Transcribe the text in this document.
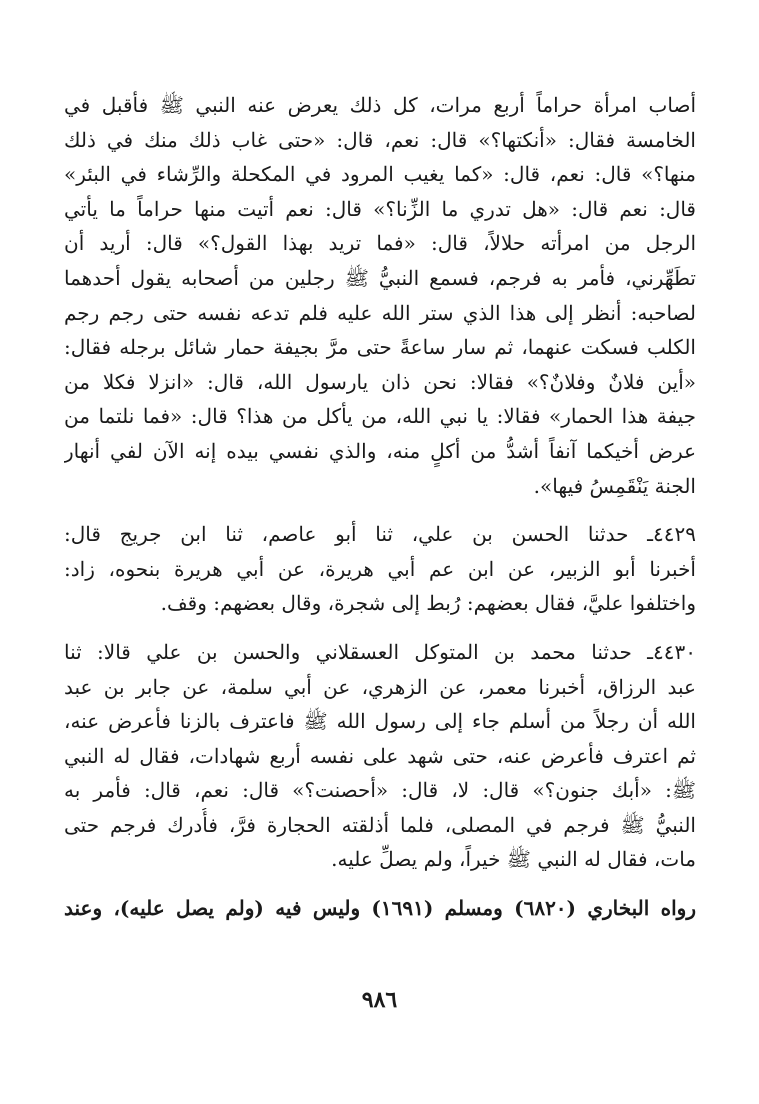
أصاب امرأة حراماً أربع مرات، كل ذلك يعرض عنه النبي ﷺ فأقبل في
الخامسة فقال: «أنكتها؟» قال: نعم، قال: «حتى غاب ذلك منك في ذلك
منها؟» قال: نعم، قال: «كما يغيب المرود في المكحلة والرِّشاء في البئر»
قال: نعم قال: «هل تدري ما الزِّنا؟» قال: نعم أتيت منها حراماً ما يأتي
الرجل من امرأته حلالاً، قال: «فما تريد بهذا القول؟» قال: أريد أن
تطَهِّرني، فأمر به فرجم، فسمع النبيُّ ﷺ رجلين من أصحابه يقول أحدهما
لصاحبه: أنظر إلى هذا الذي ستر الله عليه فلم تدعه نفسه حتى رجم رجم
الكلب فسكت عنهما، ثم سار ساعةً حتى مرَّ بجيفة حمار شائل برجله فقال:
«أين فلانٌ وفلانٌ؟» فقالا: نحن ذان يارسول الله، قال: «انزلا فكلا من
جيفة هذا الحمار» فقالا: يا نبي الله، من يأكل من هذا؟ قال: «فما نلتما من
عرض أخيكما آنفاً أشدُّ من أكلٍ منه، والذي نفسي بيده إنه الآن لفي أنهار
الجنة يَنْقَمِسُ فيها».

٤٤٢٩ـ حدثنا الحسن بن علي، ثنا أبو عاصم، ثنا ابن جريج قال:
أخبرنا أبو الزبير، عن ابن عم أبي هريرة، عن أبي هريرة بنحوه، زاد:
واختلفوا عليَّ، فقال بعضهم: رُبط إلى شجرة، وقال بعضهم: وقف.

٤٤٣٠ـ حدثنا محمد بن المتوكل العسقلاني والحسن بن علي قالا: ثنا
عبد الرزاق، أخبرنا معمر، عن الزهري، عن أبي سلمة، عن جابر بن عبد
الله أن رجلاً من أسلم جاء إلى رسول الله ﷺ فاعترف بالزنا فأعرض عنه،
ثم اعترف فأعرض عنه، حتى شهد على نفسه أربع شهادات، فقال له النبي
ﷺ: «أبك جنون؟» قال: لا، قال: «أحصنت؟» قال: نعم، قال: فأمر به
النبيُّ ﷺ فرجم في المصلى، فلما أذلقته الحجارة فرَّ، فأُدرك فرجم حتى
مات، فقال له النبي ﷺ خيراً، ولم يصلِّ عليه.

رواه البخاري (٦٨٢٠) ومسلم (١٦٩١) وليس فيه (ولم يصل عليه)، وعند

٩٨٦
